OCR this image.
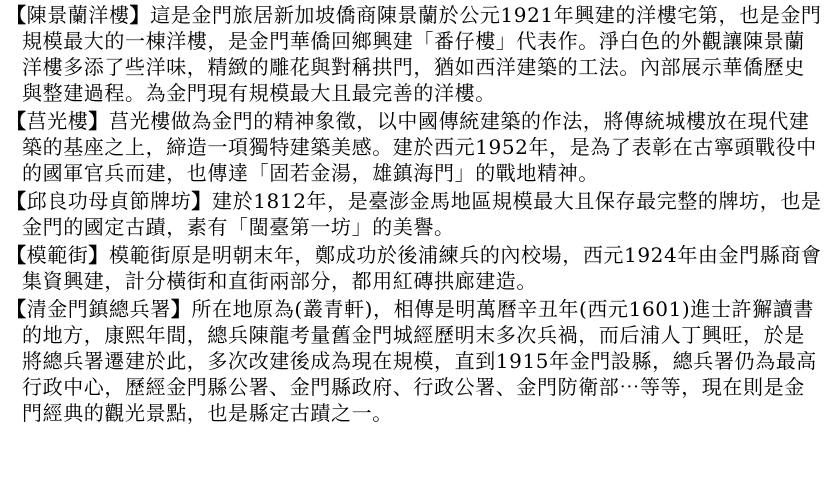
【陳景蘭洋樓】這是金門旅居新加坡僑商陳景蘭於公元1921年興建的洋樓宅第，也是金門規模最大的一棟洋樓，是金門華僑回鄉興建「番仔樓」代表作。淨白色的外觀讓陳景蘭洋樓多添了些洋味，精緻的雕花與對稱拱門，猶如西洋建築的工法。內部展示華僑歷史與整建過程。為金門現有規模最大且最完善的洋樓。

【莒光樓】莒光樓做為金門的精神象徵，以中國傳統建築的作法，將傳統城樓放在現代建築的基座之上，締造一項獨特建築美感。建於西元1952年，是為了表彰在古寧頭戰役中的國軍官兵而建，也傳達「固若金湯，雄鎮海門」的戰地精神。

【邱良功母貞節牌坊】建於1812年，是臺澎金馬地區規模最大且保存最完整的牌坊，也是金門的國定古蹟，素有「閩臺第一坊」的美譽。

【模範街】模範街原是明朝末年，鄭成功於後浦練兵的內校場，西元1924年由金門縣商會集資興建，計分橫街和直街兩部分，都用紅磚拱廊建造。

【清金門鎮總兵署】所在地原為(叢青軒)，相傳是明萬曆辛丑年(西元1601)進士許獬讀書的地方，康熙年間，總兵陳龍考量舊金門城經歷明末多次兵禍，而后浦人丁興旺，於是將總兵署遷建於此，多次改建後成為現在規模，直到1915年金門設縣，總兵署仍為最高行政中心，歷經金門縣公署、金門縣政府、行政公署、金門防衛部⋯等等，現在則是金門經典的觀光景點，也是縣定古蹟之一。
